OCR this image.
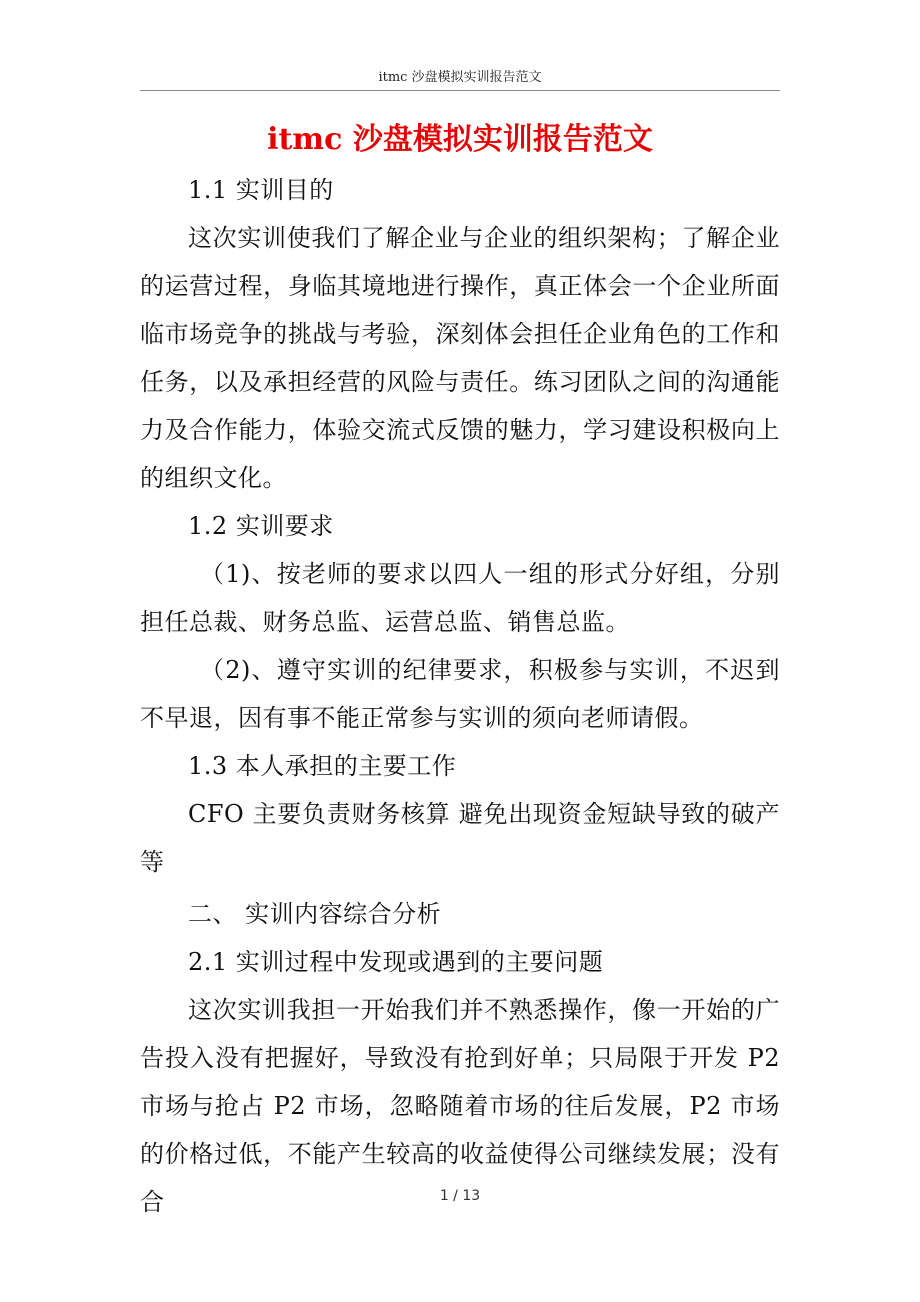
itmc 沙盘模拟实训报告范文
itmc 沙盘模拟实训报告范文

1.1 实训目的

这次实训使我们了解企业与企业的组织架构；了解企业的运营过程，身临其境地进行操作，真正体会一个企业所面临市场竞争的挑战与考验，深刻体会担任企业角色的工作和任务，以及承担经营的风险与责任。练习团队之间的沟通能力及合作能力，体验交流式反馈的魅力，学习建设积极向上的组织文化。

1.2 实训要求

（1)、按老师的要求以四人一组的形式分好组，分别担任总裁、财务总监、运营总监、销售总监。

（2)、遵守实训的纪律要求，积极参与实训，不迟到不早退，因有事不能正常参与实训的须向老师请假。

1.3 本人承担的主要工作

CFO 主要负责财务核算 避免出现资金短缺导致的破产等

二、 实训内容综合分析

2.1 实训过程中发现或遇到的主要问题

这次实训我担一开始我们并不熟悉操作，像一开始的广告投入没有把握好，导致没有抢到好单；只局限于开发 P2 市场与抢占 P2 市场，忽略随着市场的往后发展，P2 市场的价格过低，不能产生较高的收益使得公司继续发展；没有合	1 / 13
